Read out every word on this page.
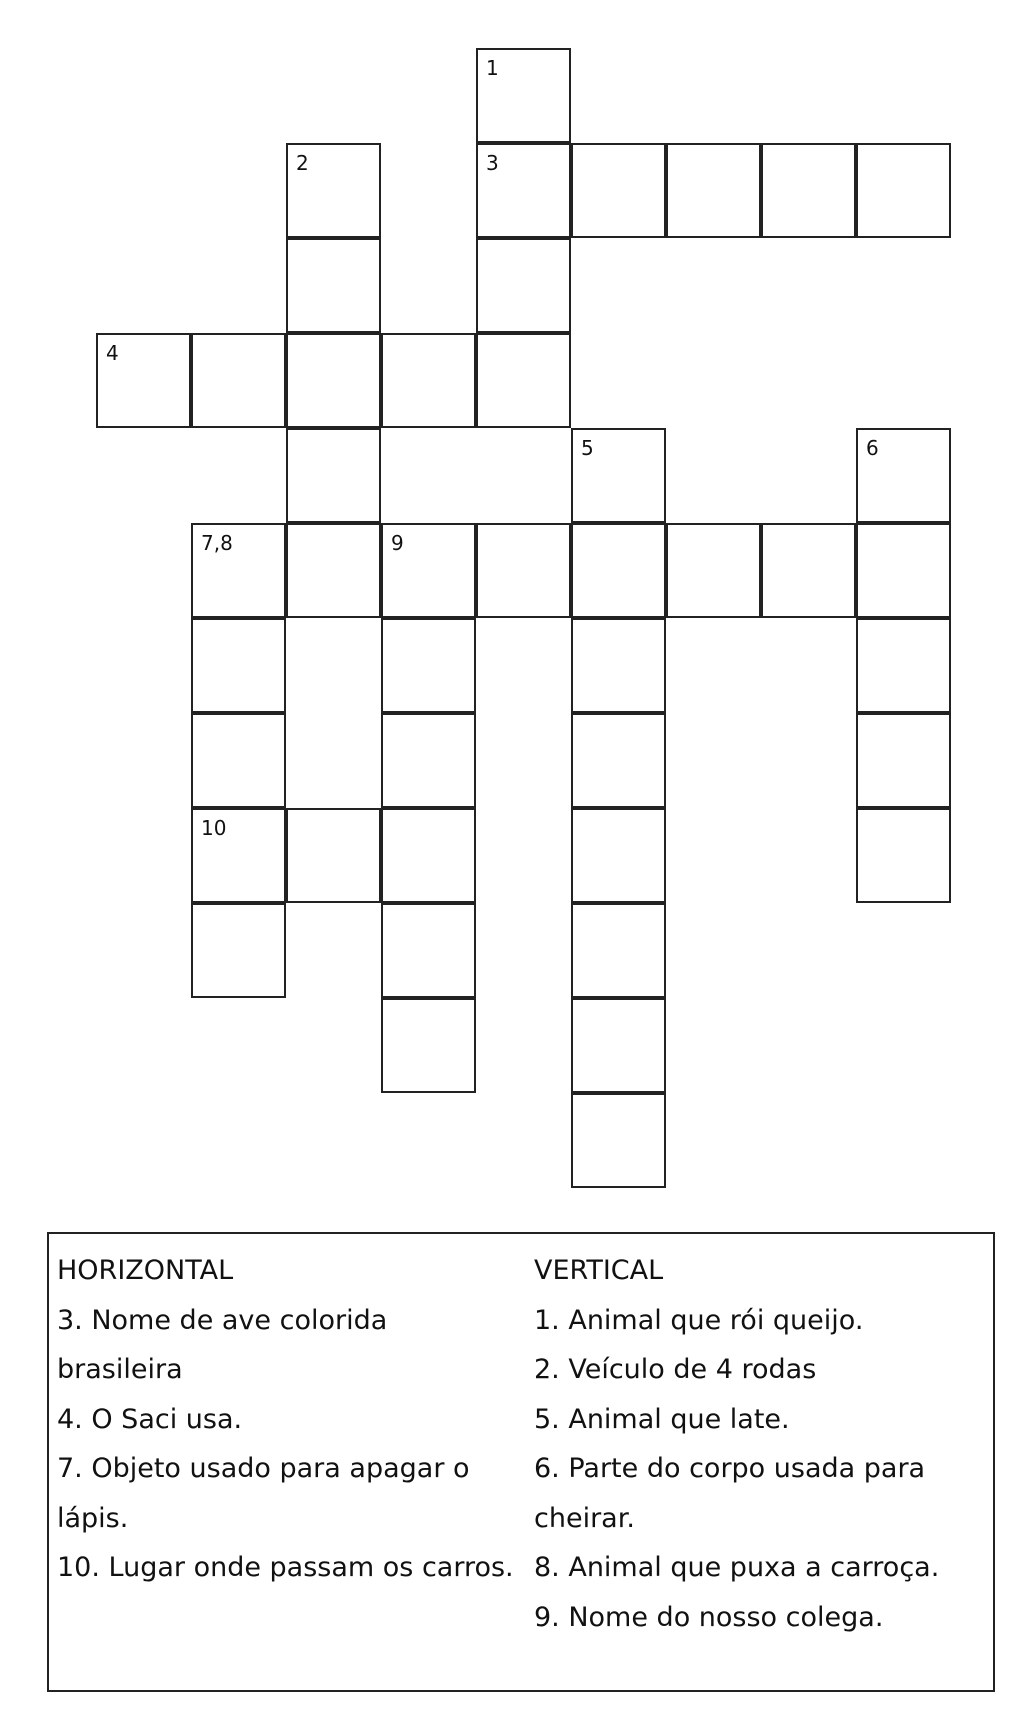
1
2	3
4
5	6
7,8	9
10
HORIZONTAL
3. Nome de ave colorida
brasileira
4. O Saci usa.
7. Objeto usado para apagar o
lápis.
10. Lugar onde passam os carros.
VERTICAL
1. Animal que rói queijo.
2. Veículo de 4 rodas
5. Animal que late.
6. Parte do corpo usada para
cheirar.
8. Animal que puxa a carroça.
9. Nome do nosso colega.
